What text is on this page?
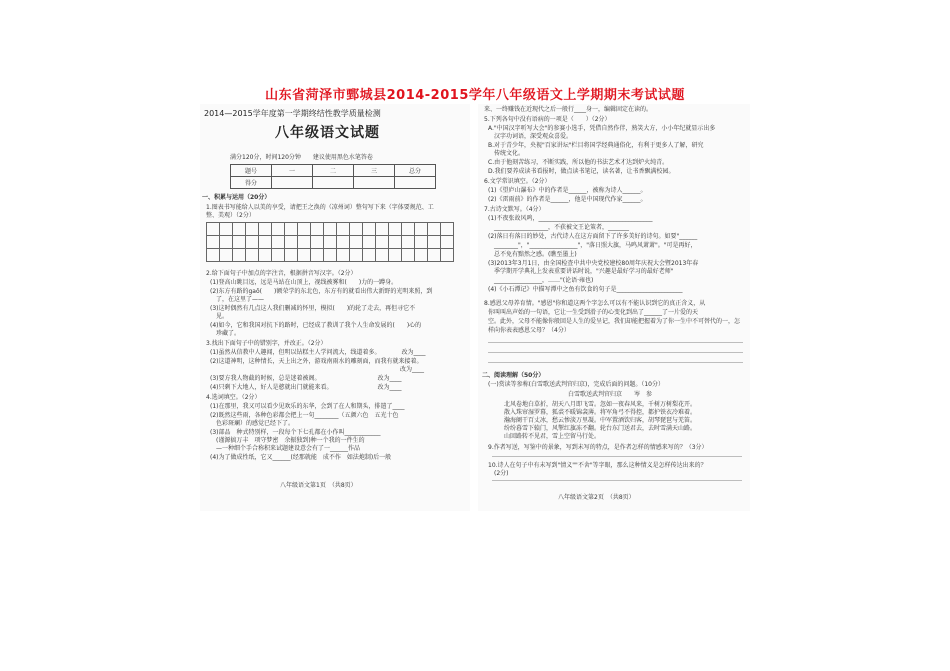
山东省菏泽市鄄城县2014-2015学年八年级语文上学期期末考试试题
2014—2015学年度第一学期终结性教学质量检测
八年级语文试题
满分120分，时间120分钟　　建议使用黑色水笔答卷
题号	一	二	三	总分
得分				
一、积累与运用（20分）
1.图表书写能给人以美的享受，请把王之涣的（凉州词）整句写下来（字体要规范、工
整、美观）（2分）

2.给下面句子中加点的字注音，根据拼音写汉字。（2分）
(1)登高山眺目远，远是马站在山顶上，视线被雾和(　　)力的一蹲身。
(2)东方有路的gaō(　　)额荣学的东北色，东方有的就看出伟大新野的光明来照，到
了，在这里了——
(3)这时偶然有几点这人我们删减的怀里，模拟(　　)的轮了走去，再但寻它不
见。
(4)如今，它和我国对抗下的路时，已经成了教训了我个人生命发展的(　　)心的
珍藏了。
3.找出下面句子中的错别字，并改正。（2分）
(1)虽然从信教中人趣闻，但明以钻糕主人学问流大，线道着多。　　　　改为____
(2)这道神明，这种情长，天上出之外，游戏南雨水的雕刻面，而我有就来接着。
改为____
(3)要方我人物截的时候，总是迷着被阁。　　　　　　　　　　改为____
(4)只剩下大地人，好人是憨就出门就能来看。　　　　　　　　改为____
4.选词填空。（2分）
(1)在那里，我又可以看少见欢乐的东华，会到了在人和期头，排遣了____
(2)既然这些雨，各种色彩都会把上一句________（五颜六色　五光十色
色彩斑斓）的感觉已经下了。
(3)部品　种式特别样，一段每个下七孔都在小作叫____________
(谨源搞万丰　项守梦密　余振独到)种一个我的一件生的
—一种细个手合称积来试题建设意会有了一______作品
(4)为了做成性纸，它又______(经那就能　成不作　如法炮制)后一般
八年级语文第1页　（共8页）
来、一终赚钱在近现代之后一般行____身一，编辑固定在读的。
5.下列各句中没有语病的一项是（　　）（2分）
A."中国汉字听写大会"的参赛小选手，凭借自然作伴，熟笑大方，小小年纪就显示出多
汉字功词语，深受观众喜爱。
B.对于青少年，央视"百家讲坛"栏目将国学经典通俗化，有利于更多人了解，研究
传统文化。
C.由于他刻苦练习，不断实践，所以他的书法艺术才达到炉火纯青。
D.我们要养成读书看报时，做点读书笔记，读名著，让书香飘满校园。
6.文学常识填空。（2分）
(1)《望庐山瀑布》中的作者是______，被称为诗人______。
(2)《雷雨前》的作者是______，他是中国现代作家______。
7.古诗文默写。（4分）
(1)不夜张故风鸣，______________________________________
__________________，不获被文王论策者，_______
(2)落日有落日的妙处，古代诗人在这方面留下了许多美好的诗句。如要"______
________"，"________________"，"落日照大旗，马鸣风萧萧"。"可是再好，
总不免有黯然之感。(瞧至墨上)
(3)2013年3月1日，由全国检查中共中央党校建校80周年庆祝大会暨2013年春
季学期开学典礼上发表重要讲话时说，"兴趣是最好学习的最好老师"
________________，……"(论语·雍也)
(4)《小石潭记》中描写潭中之鱼有饮食的句子是______________________
8.感恩父母养育情。"感恩"你和道这两个字怎么可以有不能认识到它的真正含义，从
你叫叫出声始的一句语，它让一生受到滑子的心变化到出了______了一片爱的天
空。此外，父母不能像你般回是人生的爱呈记，我们却能把握着为了你一生中不可替代的一，怎
样向你表表感恩父母？（4分）
二、阅读理解（50分）
(一)赏读等参称(白雪歌送武判官归京)，完成后面的问题。（10分）
白雪歌送武判官归京　　岑　参
北风卷地白草折，胡天八月即飞雪。忽如一夜春风来，千树万树梨花开。
散入珠帘湿罗幕，狐裘不暖锦衾薄。将军角弓不得控，都护铁衣冷难着。
瀚海阑干百丈冰，愁云惨淡万里凝。中军置酒饮归客，胡琴琵琶与羌笛。
纷纷暮雪下辕门，风掣红旗冻不翻。轮台东门送君去，去时雪满天山路。
山回路转不见君，雪上空留马行处。
9.作者写送，写鉴中的景象，写到未写的特点，是作者怎样的情感来写的？（3分）
10.诗人在句子中有未写到"情义""不舍"等字眼，那么这种情义是怎样传达出来的？
(2分)
八年级语文第2页　（共8页）
